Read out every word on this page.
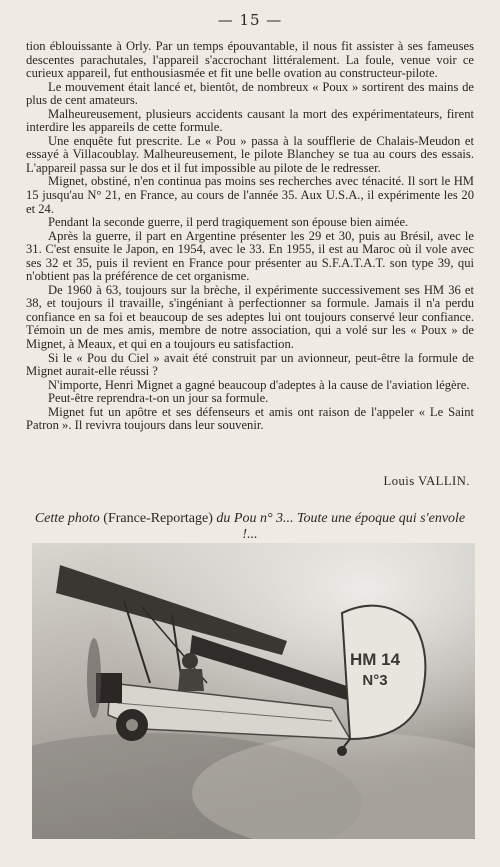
— 15 —

tion éblouissante à Orly. Par un temps épouvantable, il nous fit assister à ses fameuses descentes parachutales, l'appareil s'accrochant littéralement. La foule, venue voir ce curieux appareil, fut enthousiasmée et fit une belle ovation au constructeur-pilote.

Le mouvement était lancé et, bientôt, de nombreux « Poux » sortirent des mains de plus de cent amateurs.

Malheureusement, plusieurs accidents causant la mort des expérimentateurs, firent interdire les appareils de cette formule.

Une enquête fut prescrite. Le « Pou » passa à la soufflerie de Chalais-Meudon et essayé à Villacoublay. Malheureusement, le pilote Blanchey se tua au cours des essais. L'appareil passa sur le dos et il fut impossible au pilote de le redresser.

Mignet, obstiné, n'en continua pas moins ses recherches avec ténacité. Il sort le HM 15 jusqu'au N° 21, en France, au cours de l'année 35. Aux U.S.A., il expérimente les 20 et 24.

Pendant la seconde guerre, il perd tragiquement son épouse bien aimée.

Après la guerre, il part en Argentine présenter les 29 et 30, puis au Brésil, avec le 31. C'est ensuite le Japon, en 1954, avec le 33. En 1955, il est au Maroc où il vole avec ses 32 et 35, puis il revient en France pour présenter au S.F.A.T.A.T. son type 39, qui n'obtient pas la préférence de cet organisme.

De 1960 à 63, toujours sur la brèche, il expérimente successivement ses HM 36 et 38, et toujours il travaille, s'ingéniant à perfectionner sa formule. Jamais il n'a perdu confiance en sa foi et beaucoup de ses adeptes lui ont toujours conservé leur confiance. Témoin un de mes amis, membre de notre association, qui a volé sur les « Poux » de Mignet, à Meaux, et qui en a toujours eu satisfaction.

Si le « Pou du Ciel » avait été construit par un avionneur, peut-être la formule de Mignet aurait-elle réussi ?

N'importe, Henri Mignet a gagné beaucoup d'adeptes à la cause de l'aviation légère.

Peut-être reprendra-t-on un jour sa formule.

Mignet fut un apôtre et ses défenseurs et amis ont raison de l'appeler « Le Saint Patron ». Il revivra toujours dans leur souvenir.

Louis VALLIN.
Cette photo (France-Reportage) du Pou n° 3... Toute une époque qui s'envole !...
HM 14
N°3
